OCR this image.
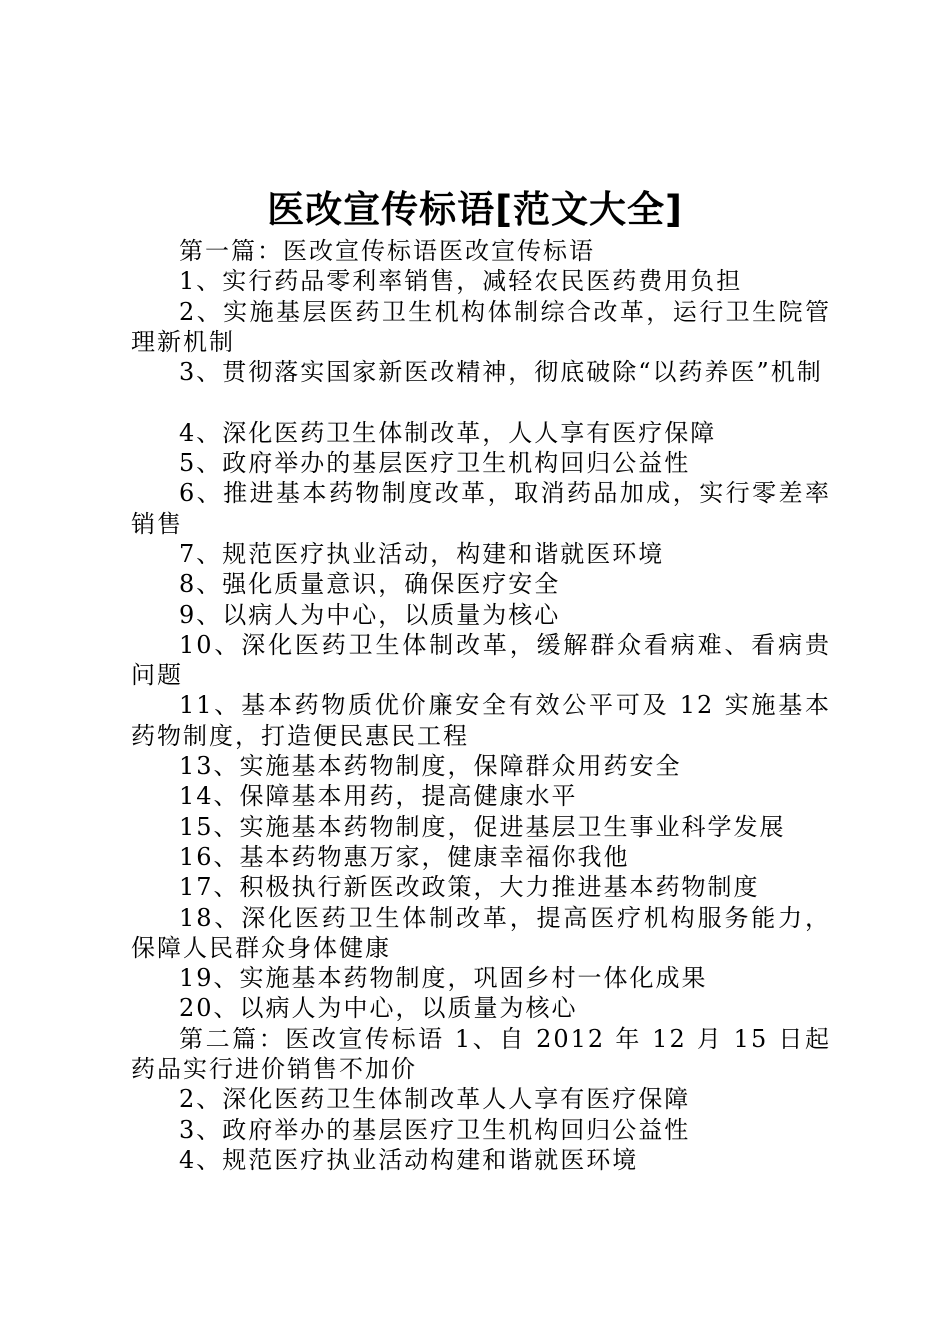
医改宣传标语[范文大全]

第一篇：医改宣传标语医改宣传标语

1、实行药品零利率销售，减轻农民医药费用负担

2、实施基层医药卫生机构体制综合改革，运行卫生院管理新机制

3、贯彻落实国家新医改精神，彻底破除“以药养医”机制

4、深化医药卫生体制改革，人人享有医疗保障

5、政府举办的基层医疗卫生机构回归公益性

6、推进基本药物制度改革，取消药品加成，实行零差率销售

7、规范医疗执业活动，构建和谐就医环境

8、强化质量意识，确保医疗安全

9、以病人为中心，以质量为核心

10、深化医药卫生体制改革，缓解群众看病难、看病贵问题

11、基本药物质优价廉安全有效公平可及 12 实施基本药物制度，打造便民惠民工程

13、实施基本药物制度，保障群众用药安全

14、保障基本用药，提高健康水平

15、实施基本药物制度，促进基层卫生事业科学发展

16、基本药物惠万家，健康幸福你我他

17、积极执行新医改政策，大力推进基本药物制度

18、深化医药卫生体制改革，提高医疗机构服务能力，保障人民群众身体健康

19、实施基本药物制度，巩固乡村一体化成果

20、以病人为中心，以质量为核心

第二篇：医改宣传标语 1、自 2012 年 12 月 15 日起药品实行进价销售不加价

2、深化医药卫生体制改革人人享有医疗保障

3、政府举办的基层医疗卫生机构回归公益性

4、规范医疗执业活动构建和谐就医环境
